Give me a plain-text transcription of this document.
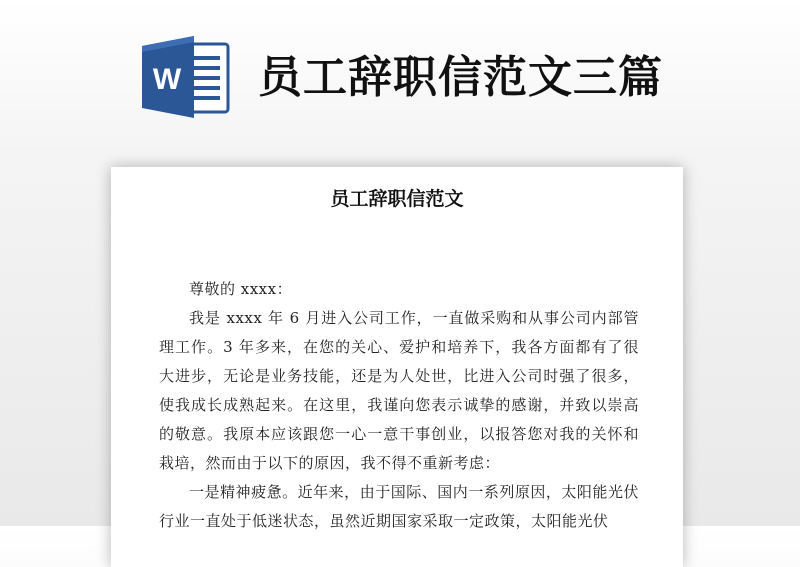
W 员工辞职信范文三篇
员工辞职信范文

尊敬的 xxxx：

我是 xxxx 年 6 月进入公司工作，一直做采购和从事公司内部管理工作。3 年多来，在您的关心、爱护和培养下，我各方面都有了很大进步，无论是业务技能，还是为人处世，比进入公司时强了很多，使我成长成熟起来。在这里，我谨向您表示诚挚的感谢，并致以崇高的敬意。我原本应该跟您一心一意干事创业，以报答您对我的关怀和栽培，然而由于以下的原因，我不得不重新考虑：

一是精神疲惫。近年来，由于国际、国内一系列原因，太阳能光伏行业一直处于低迷状态，虽然近期国家采取一定政策，太阳能光伏
